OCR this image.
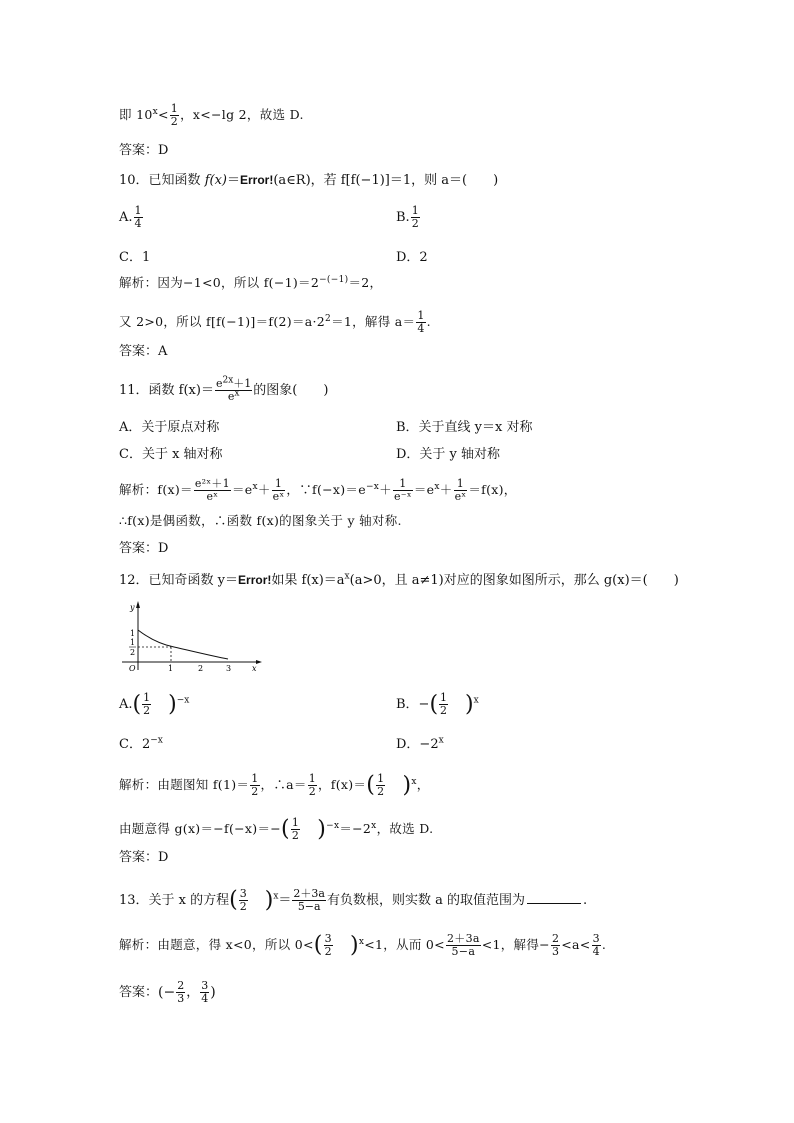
即 $10^x< \frac{1}{2}$ ，x<−lg 2，故选 D.
答案：D
10．已知函数 f(x)＝Error!(a∈R)，若 f[f(−1)]＝1，则 a＝(　　)
A. $\frac{1}{4}$	B. $\frac{1}{2}$
C．1	D．2
解析：因为−1<0，所以 $f(-1)=2^{-(-1)}=2$，
又 2>0，所以 $f[f(-1)]=f(2)=a\cdot 2^2=1$，解得 $a= \frac{1}{4}$ .
答案：A
11．函数 $f(x)= \frac{e^{2x}+1}{e^x}$ 的图象(　　)
A．关于原点对称	B．关于直线 y＝x 对称
C．关于 x 轴对称	D．关于 y 轴对称
解析：$f(x)= \frac{\text{e²ˣ＋1}}{\text{eˣ}} =e^x+ \frac{1}{\text{eˣ}}$ ，$\because f(-x)=e^{-x}+ \frac{1}{\text{e⁻ˣ}} =e^x+ \frac{1}{\text{eˣ}} =f(x)$，
∴f(x)是偶函数，∴函数 f(x)的图象关于 y 轴对称.
答案：D
12．已知奇函数 y＝Error!如果 $f(x)=a^x(a>0$，且 a≠1)对应的图象如图所示，那么 g(x)＝(　　)
y
x
O	1	2	3
1
1
2
$A.( \frac{1}{2} )^{-x}$	B．−( $\frac{1}{2} )^x$
C．$2^{-x}$	D．$-2^x$
解析：由题图知 $f(1)= \frac{1}{2}$ ，∴a＝ $\frac{1}{2}$ ，$f(x)=( \frac{1}{2} )^x$，
由题意得 $g(x)=-f(-x)=-( \frac{1}{2} )^{-x}=-2^x$，故选 D.
答案：D
13．关于 x 的方程( $\frac{3}{2} )^x= \frac{2+3a}{5-a}$ 有负数根，则实数 a 的取值范围为	.
解析：由题意，得 x<0，所以 $0<( \frac{3}{2} )^x<1$，从而 $0< \frac{2+3a}{5-a} <1$，解得− $\frac{2}{3} <a< \frac{3}{4}$ .
答案：(− $\frac{2}{3}$ ， $\frac{3}{4}$ )
